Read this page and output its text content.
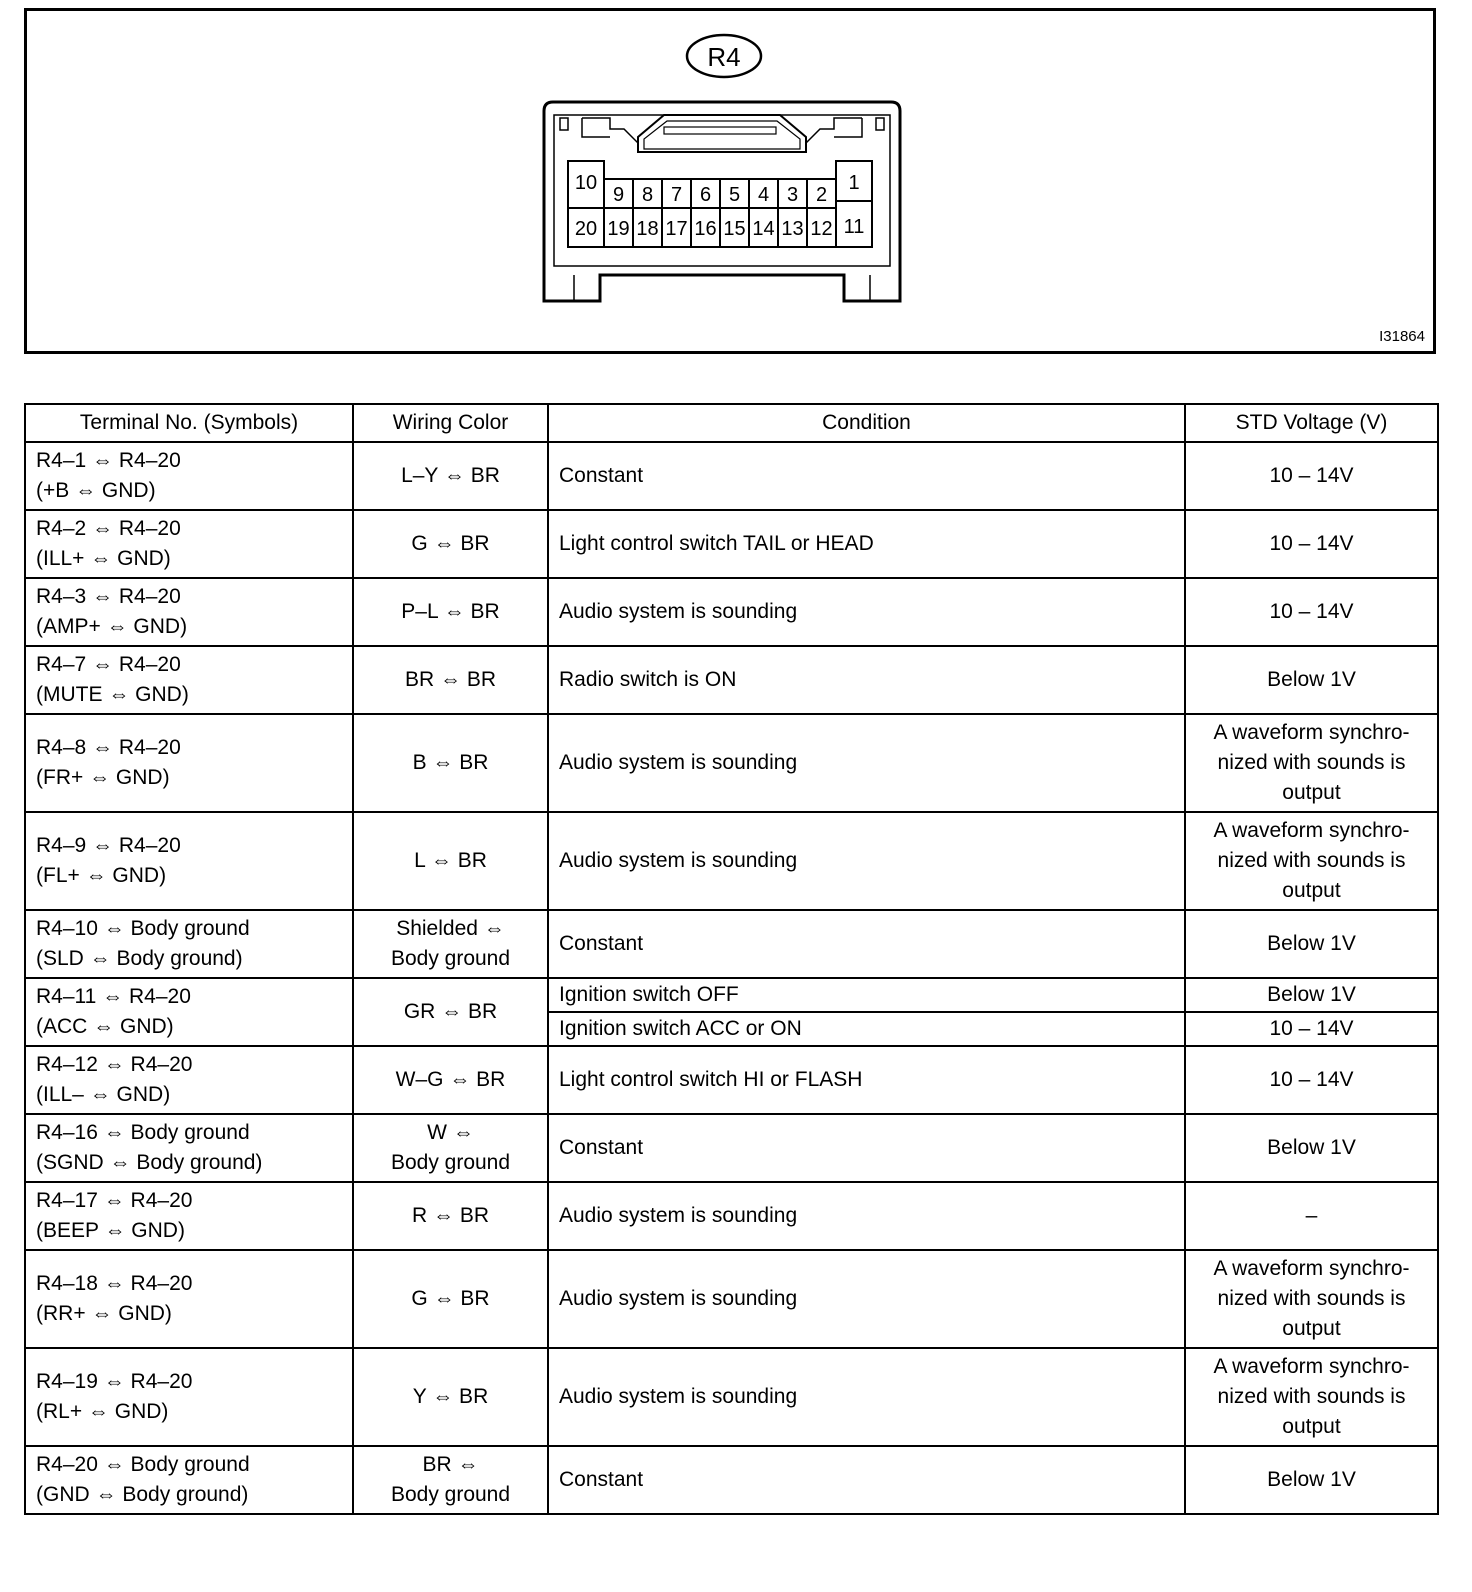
R4
10
20
9
19
8
18
7
17
6
16
5
15
4
14
3
13
2
12
1
11
I31864
Terminal No. (Symbols)	Wiring Color	Condition	STD Voltage (V)

R4–1 ⇔ R4–20
(+B ⇔ GND)	L–Y ⇔ BR	Constant	10 – 14V

R4–2 ⇔ R4–20
(ILL+ ⇔ GND)	G ⇔ BR	Light control switch TAIL or HEAD	10 – 14V

R4–3 ⇔ R4–20
(AMP+ ⇔ GND)	P–L ⇔ BR	Audio system is sounding	10 – 14V

R4–7 ⇔ R4–20
(MUTE ⇔ GND)	BR ⇔ BR	Radio switch is ON	Below 1V

R4–8 ⇔ R4–20
(FR+ ⇔ GND)	B ⇔ BR	Audio system is sounding	A waveform synchro-
nized with sounds is
output

R4–9 ⇔ R4–20
(FL+ ⇔ GND)	L ⇔ BR	Audio system is sounding	A waveform synchro-
nized with sounds is
output

R4–10 ⇔ Body ground
(SLD ⇔ Body ground)	Shielded ⇔
Body ground	Constant	Below 1V

R4–11 ⇔ R4–20
(ACC ⇔ GND)	GR ⇔ BR	Ignition switch OFF	Below 1V

		Ignition switch ACC or ON	10 – 14V

R4–12 ⇔ R4–20
(ILL– ⇔ GND)	W–G ⇔ BR	Light control switch HI or FLASH	10 – 14V

R4–16 ⇔ Body ground
(SGND ⇔ Body ground)	W ⇔
Body ground	Constant	Below 1V

R4–17 ⇔ R4–20
(BEEP ⇔ GND)	R ⇔ BR	Audio system is sounding	–

R4–18 ⇔ R4–20
(RR+ ⇔ GND)	G ⇔ BR	Audio system is sounding	A waveform synchro-
nized with sounds is
output

R4–19 ⇔ R4–20
(RL+ ⇔ GND)	Y ⇔ BR	Audio system is sounding	A waveform synchro-
nized with sounds is
output

R4–20 ⇔ Body ground
(GND ⇔ Body ground)	BR ⇔
Body ground	Constant	Below 1V
